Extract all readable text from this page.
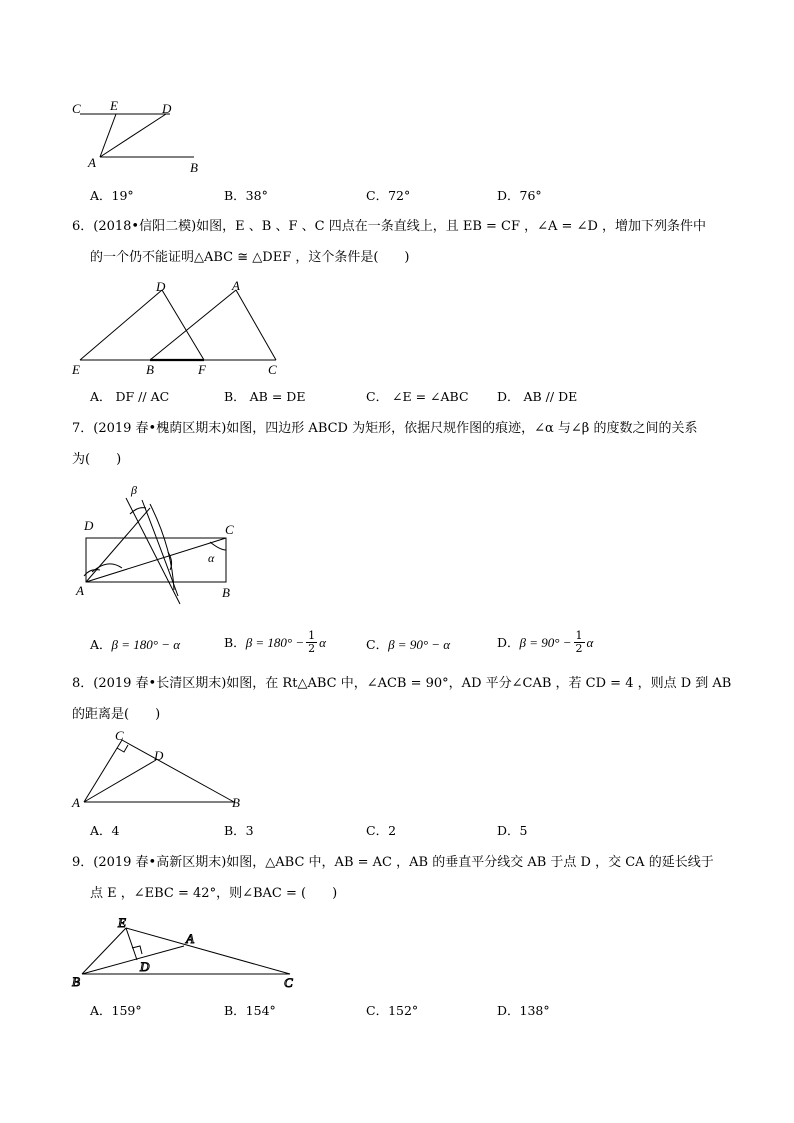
C E	D
A	B
A．19°	B．38°	C．72°	D．76°
6．(2018•信阳二模)如图，E 、B 、F 、C 四点在一条直线上，且 EB = CF ，∠A = ∠D ，增加下列条件中
的一个仍不能证明△ABC ≅ △DEF ，这个条件是(　　)
D	A
E	B	F	C
A． DF // AC	B． AB = DE	C． ∠E = ∠ABC D． AB // DE
7．(2019 春•槐荫区期末)如图，四边形 ABCD 为矩形，依据尺规作图的痕迹，∠α 与∠β 的度数之间的关系
为(　　)
β
D	C
α
A	B
A．β = 180° − α	B． $\beta = 180^\circ - \frac{1}{2}$ α	C．β = 90° − α	D． $\beta = 90^\circ - \frac{1}{2}$ α
8．(2019 春•长清区期末)如图，在 Rt△ABC 中，∠ACB = 90°，AD 平分∠CAB ，若 CD = 4 ，则点 D 到 AB
的距离是(　　)
C
D
A	B
A．4	B．3	C．2	D．5
9．(2019 春•高新区期末)如图，△ABC 中，AB = AC ，AB 的垂直平分线交 AB 于点 D ，交 CA 的延长线于
点 E ，∠EBC = 42°，则∠BAC = (　　)
E
A
D
B	C
A．159°	B．154°	C．152°	D．138°
